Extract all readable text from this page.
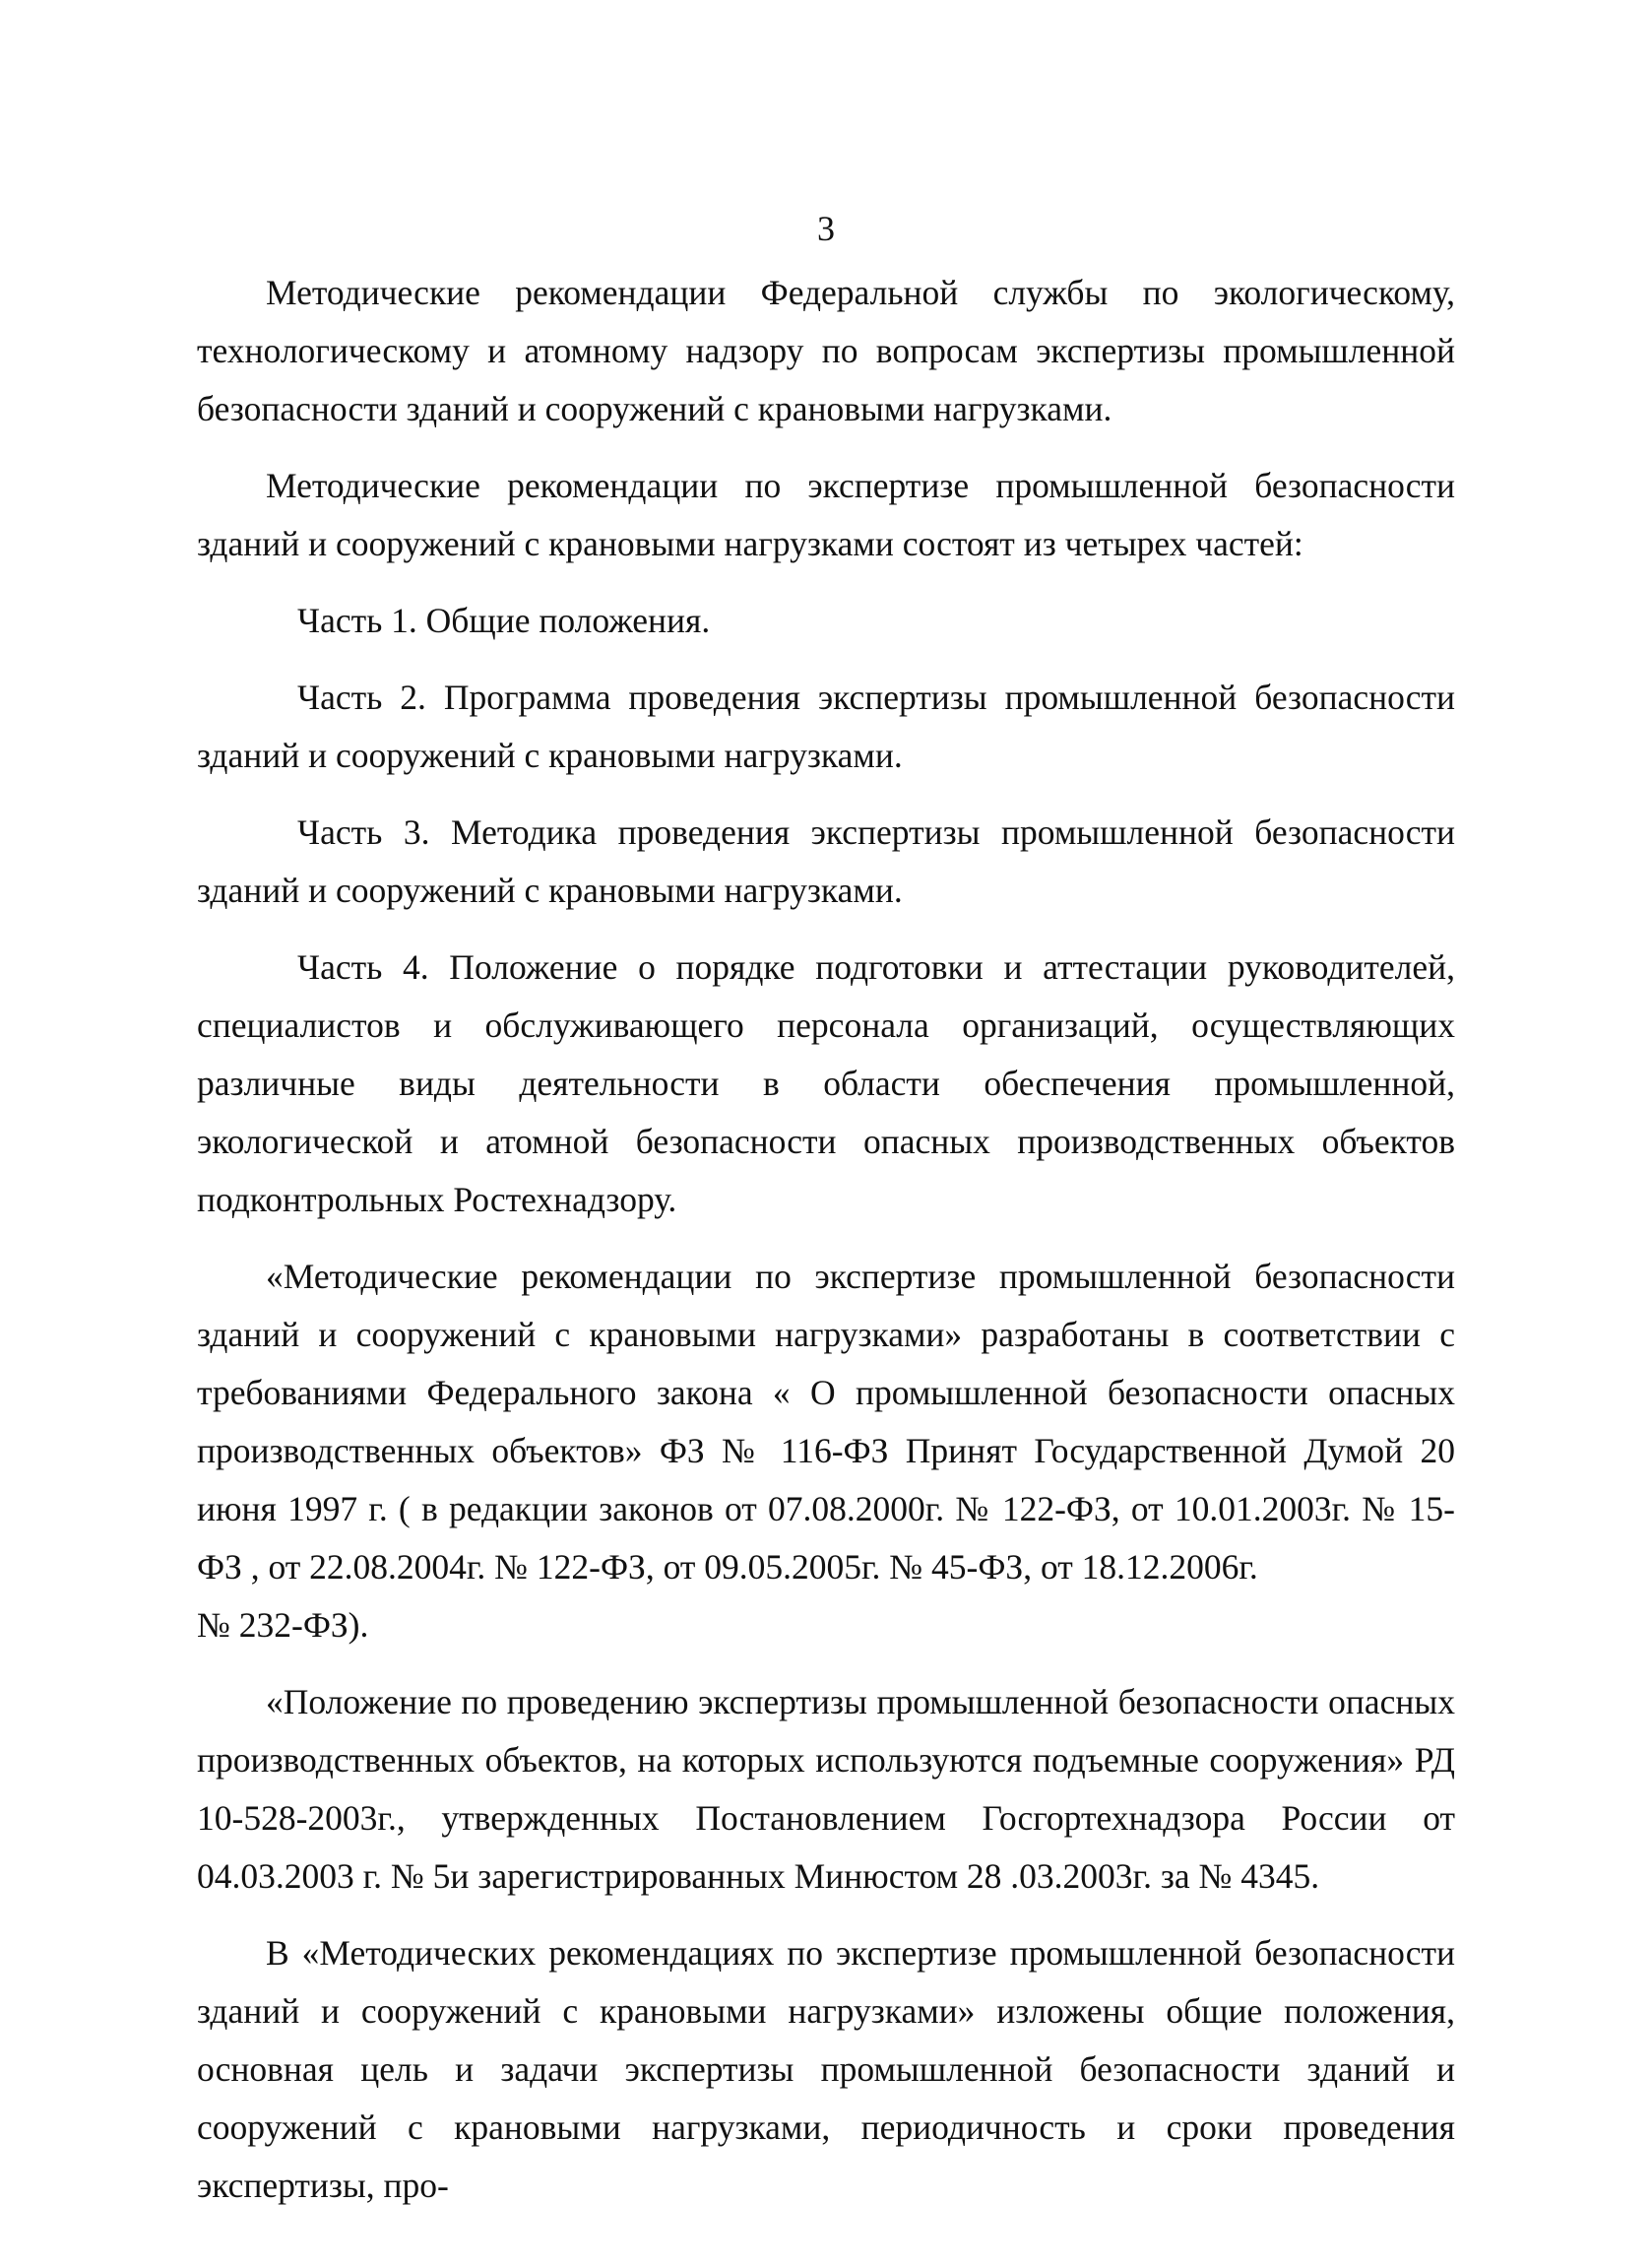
3

Методические рекомендации Федеральной службы по экологическому, технологическому и атомному надзору по вопросам экспертизы промышленной безопасности зданий и сооружений с крановыми нагрузками.

Методические рекомендации по экспертизе промышленной безопасности зданий и сооружений с крановыми нагрузками состоят из четырех частей:

Часть 1. Общие положения.

Часть 2. Программа проведения экспертизы промышленной безопасности зданий и сооружений с крановыми нагрузками.

Часть 3. Методика проведения экспертизы промышленной безопасности зданий и сооружений с крановыми нагрузками.

Часть 4. Положение о порядке подготовки и аттестации руководителей, специалистов и обслуживающего персонала организаций, осуществляющих различные виды деятельности в области обеспечения промышленной, экологической и атомной безопасности опасных производственных объектов подконтрольных Ростехнадзору.

«Методические рекомендации по экспертизе промышленной безопасности зданий и сооружений с крановыми нагрузками» разработаны в соответствии с требованиями Федерального закона « О промышленной безопасности опасных производственных объектов» ФЗ № 116-ФЗ Принят Государственной Думой 20 июня 1997 г. ( в редакции законов от 07.08.2000г. № 122-ФЗ, от 10.01.2003г. № 15-ФЗ , от 22.08.2004г. № 122-ФЗ, от 09.05.2005г. № 45-ФЗ, от 18.12.2006г.

№ 232-ФЗ).

«Положение по проведению экспертизы промышленной безопасности опасных производственных объектов, на которых используются подъемные сооружения» РД 10-528-2003г., утвержденных Постановлением Госгортехнадзора России от 04.03.2003 г. № 5и зарегистрированных Минюстом 28 .03.2003г. за № 4345.

В «Методических рекомендациях по экспертизе промышленной безопасности зданий и сооружений с крановыми нагрузками» изложены общие положения, основная цель и задачи экспертизы промышленной безопасности зданий и сооружений с крановыми нагрузками, периодичность и сроки проведения экспертизы, про-
